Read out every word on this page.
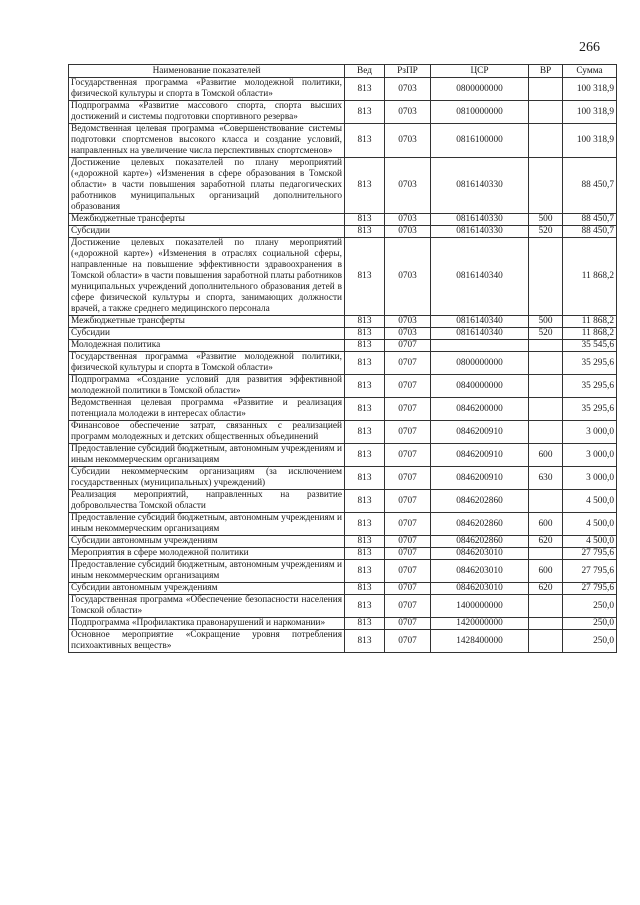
266
Наименование показателей	Вед	РзПР	ЦСР	ВР	Сумма
Государственная программа «Развитие молодежной политики, физической культуры и спорта в Томской области»	813	0703	0800000000		100 318,9
Подпрограмма «Развитие массового спорта, спорта высших достижений и системы подготовки спортивного резерва»	813	0703	0810000000		100 318,9
Ведомственная целевая программа «Совершенствование системы подготовки спортсменов высокого класса и создание условий, направленных на увеличение числа перспективных спортсменов»	813	0703	0816100000		100 318,9
Достижение целевых показателей по плану мероприятий («дорожной карте») «Изменения в сфере образования в Томской области» в части повышения заработной платы педагогических работников муниципальных организаций дополнительного образования	813	0703	0816140330		88 450,7
Межбюджетные трансферты	813	0703	0816140330	500	88 450,7
Субсидии	813	0703	0816140330	520	88 450,7
Достижение целевых показателей по плану мероприятий («дорожной карте») «Изменения в отраслях социальной сферы, направленные на повышение эффективности здравоохранения в Томской области» в части повышения заработной платы работников муниципальных учреждений дополнительного образования детей в сфере физической культуры и спорта, занимающих должности врачей, а также среднего медицинского персонала	813	0703	0816140340		11 868,2
Межбюджетные трансферты	813	0703	0816140340	500	11 868,2
Субсидии	813	0703	0816140340	520	11 868,2
Молодежная политика	813	0707			35 545,6
Государственная программа «Развитие молодежной политики, физической культуры и спорта в Томской области»	813	0707	0800000000		35 295,6
Подпрограмма «Создание условий для развития эффективной молодежной политики в Томской области»	813	0707	0840000000		35 295,6
Ведомственная целевая программа «Развитие и реализация потенциала молодежи в интересах области»	813	0707	0846200000		35 295,6
Финансовое обеспечение затрат, связанных с реализацией программ молодежных и детских общественных объединений	813	0707	0846200910		3 000,0
Предоставление субсидий бюджетным, автономным учреждениям и иным некоммерческим организациям	813	0707	0846200910	600	3 000,0
Субсидии некоммерческим организациям (за исключением государственных (муниципальных) учреждений)	813	0707	0846200910	630	3 000,0
Реализация мероприятий, направленных на развитие добровольчества Томской области	813	0707	0846202860		4 500,0
Предоставление субсидий бюджетным, автономным учреждениям и иным некоммерческим организациям	813	0707	0846202860	600	4 500,0
Субсидии автономным учреждениям	813	0707	0846202860	620	4 500,0
Мероприятия в сфере молодежной политики	813	0707	0846203010		27 795,6
Предоставление субсидий бюджетным, автономным учреждениям и иным некоммерческим организациям	813	0707	0846203010	600	27 795,6
Субсидии автономным учреждениям	813	0707	0846203010	620	27 795,6
Государственная программа «Обеспечение безопасности населения Томской области»	813	0707	1400000000		250,0
Подпрограмма «Профилактика правонарушений и наркомании»	813	0707	1420000000		250,0
Основное мероприятие «Сокращение уровня потребления психоактивных веществ»	813	0707	1428400000		250,0
